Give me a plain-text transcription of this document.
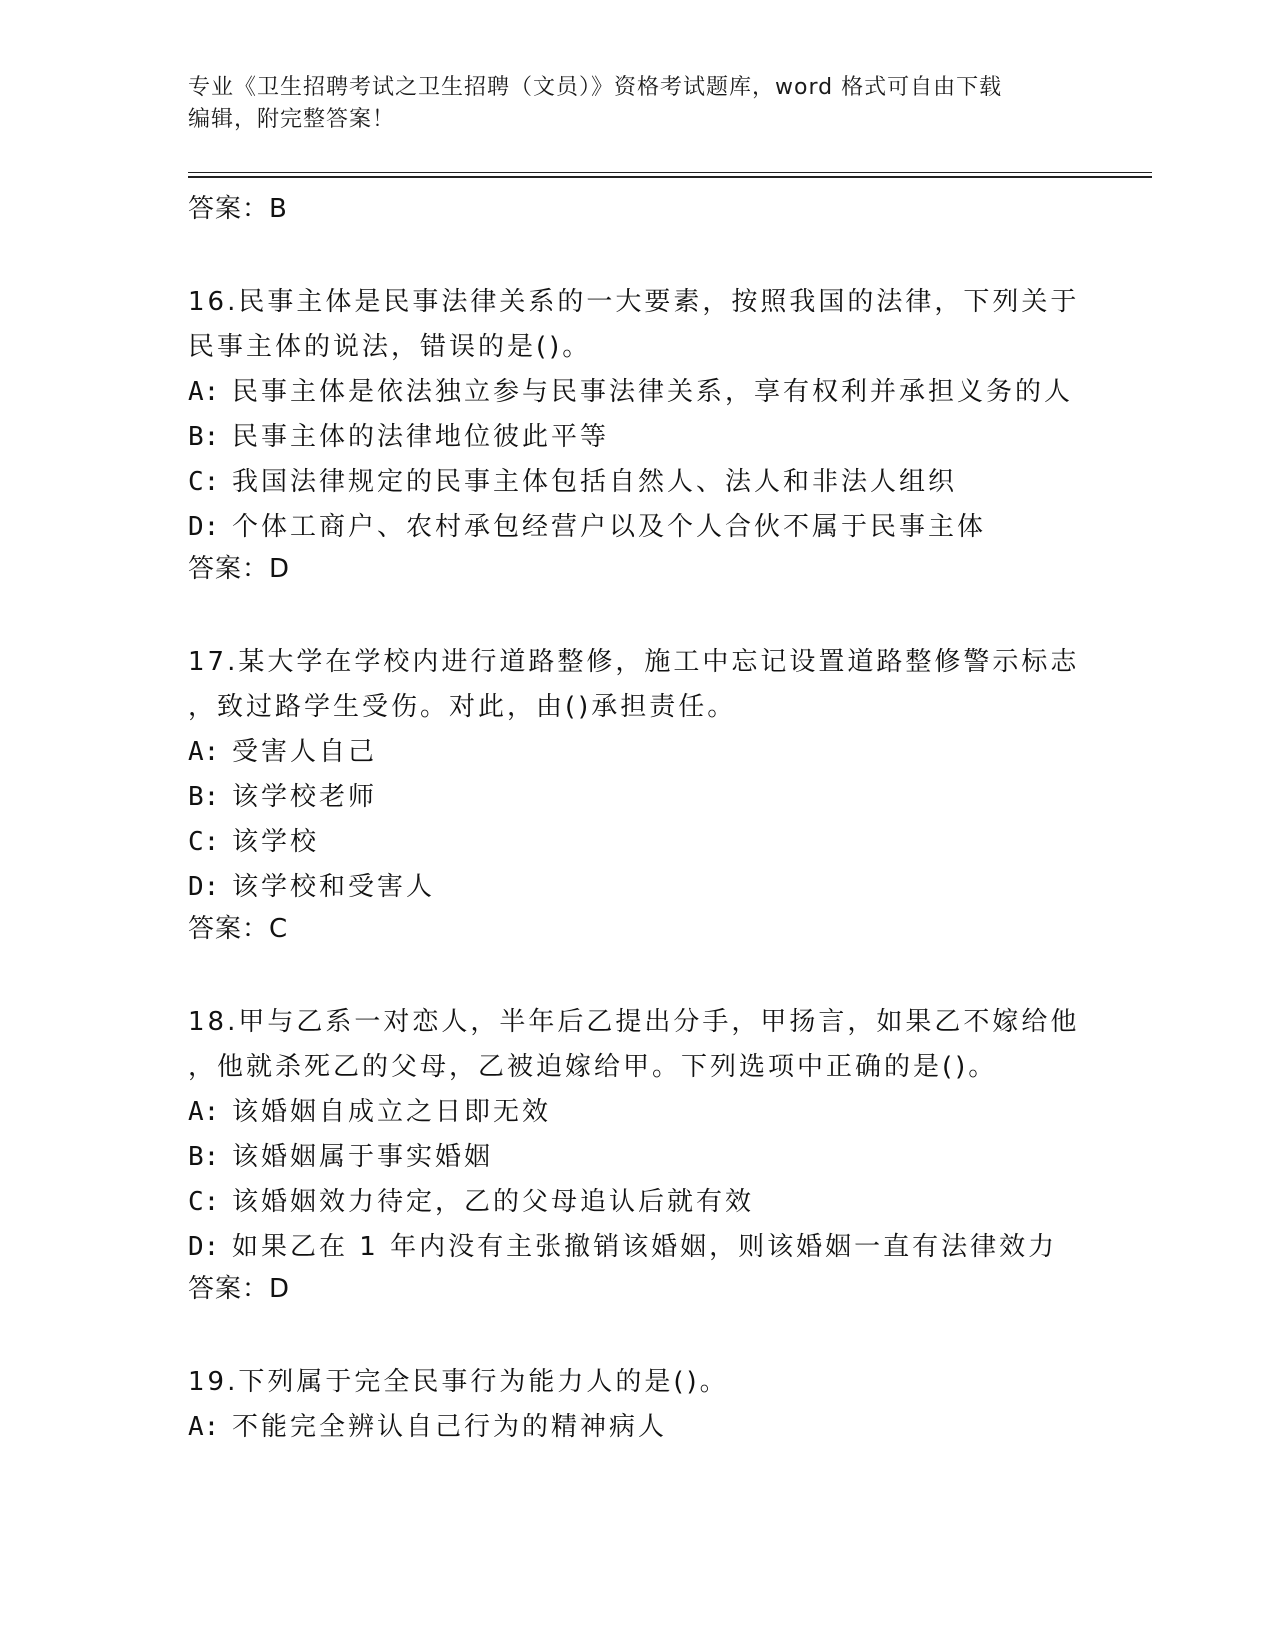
专业《卫生招聘考试之卫生招聘（文员）》资格考试题库，word 格式可自由下载
编辑，附完整答案！
答案：B
16.民事主体是民事法律关系的一大要素，按照我国的法律，下列关于
民事主体的说法，错误的是()。
A: 民事主体是依法独立参与民事法律关系，享有权利并承担义务的人
B: 民事主体的法律地位彼此平等
C: 我国法律规定的民事主体包括自然人、法人和非法人组织
D: 个体工商户、农村承包经营户以及个人合伙不属于民事主体
答案：D
17.某大学在学校内进行道路整修，施工中忘记设置道路整修警示标志
，致过路学生受伤。对此，由()承担责任。
A: 受害人自己
B: 该学校老师
C: 该学校
D: 该学校和受害人
答案：C
18.甲与乙系一对恋人，半年后乙提出分手，甲扬言，如果乙不嫁给他
，他就杀死乙的父母，乙被迫嫁给甲。下列选项中正确的是()。
A: 该婚姻自成立之日即无效
B: 该婚姻属于事实婚姻
C: 该婚姻效力待定，乙的父母追认后就有效
D: 如果乙在 1 年内没有主张撤销该婚姻，则该婚姻一直有法律效力
答案：D
19.下列属于完全民事行为能力人的是()。
A: 不能完全辨认自己行为的精神病人
